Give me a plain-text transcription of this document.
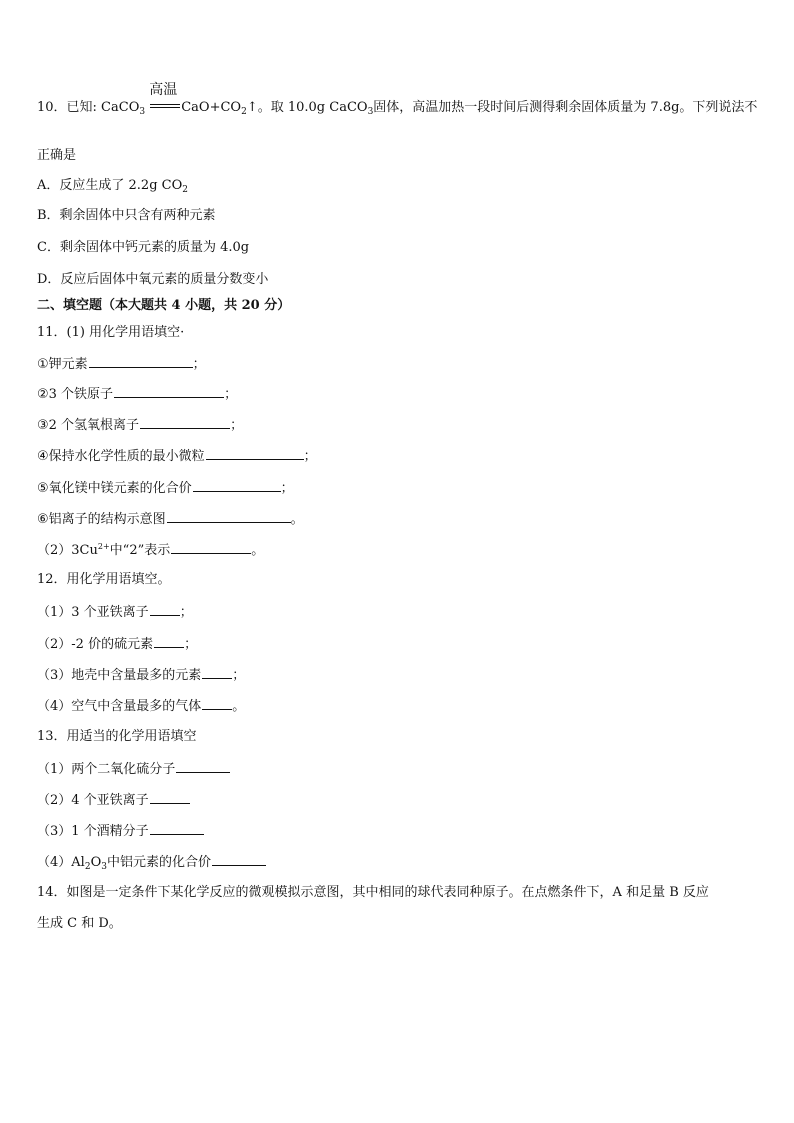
10．已知: CaCO$_3$
高温
$CaO+CO_2↑$。取 10.0g CaCO$_3$固体，高温加热一段时间后测得剩余固体质量为 7.8g。下列说法不
正确是
A．反应生成了 2.2g $CO_2$
B．剩余固体中只含有两种元素
C．剩余固体中钙元素的质量为 4.0g
D．反应后固体中氧元素的质量分数变小
二、填空题（本大题共 4 小题，共 20 分）
11．(1) 用化学用语填空·
①钾元素	；
②3 个铁原子	；
③2 个氢氧根离子	；
④保持水化学性质的最小微粒	；
⑤氧化镁中镁元素的化合价	；
⑥铝离子的结构示意图	。
$(2)3Cu^{2+}$中“2”表示	。
12．用化学用语填空。
（1）3 个亚铁离子 ；
（2）-2 价的硫元素 ；
（3）地壳中含量最多的元素 ；
（4）空气中含量最多的气体 。
13．用适当的化学用语填空
（1）两个二氧化硫分子
（2）4 个亚铁离子
（3）1 个酒精分子
$(4)Al_2O_3$中铝元素的化合价
14．如图是一定条件下某化学反应的微观模拟示意图，其中相同的球代表同种原子。在点燃条件下，A 和足量 B 反应
生成 C 和 D。
